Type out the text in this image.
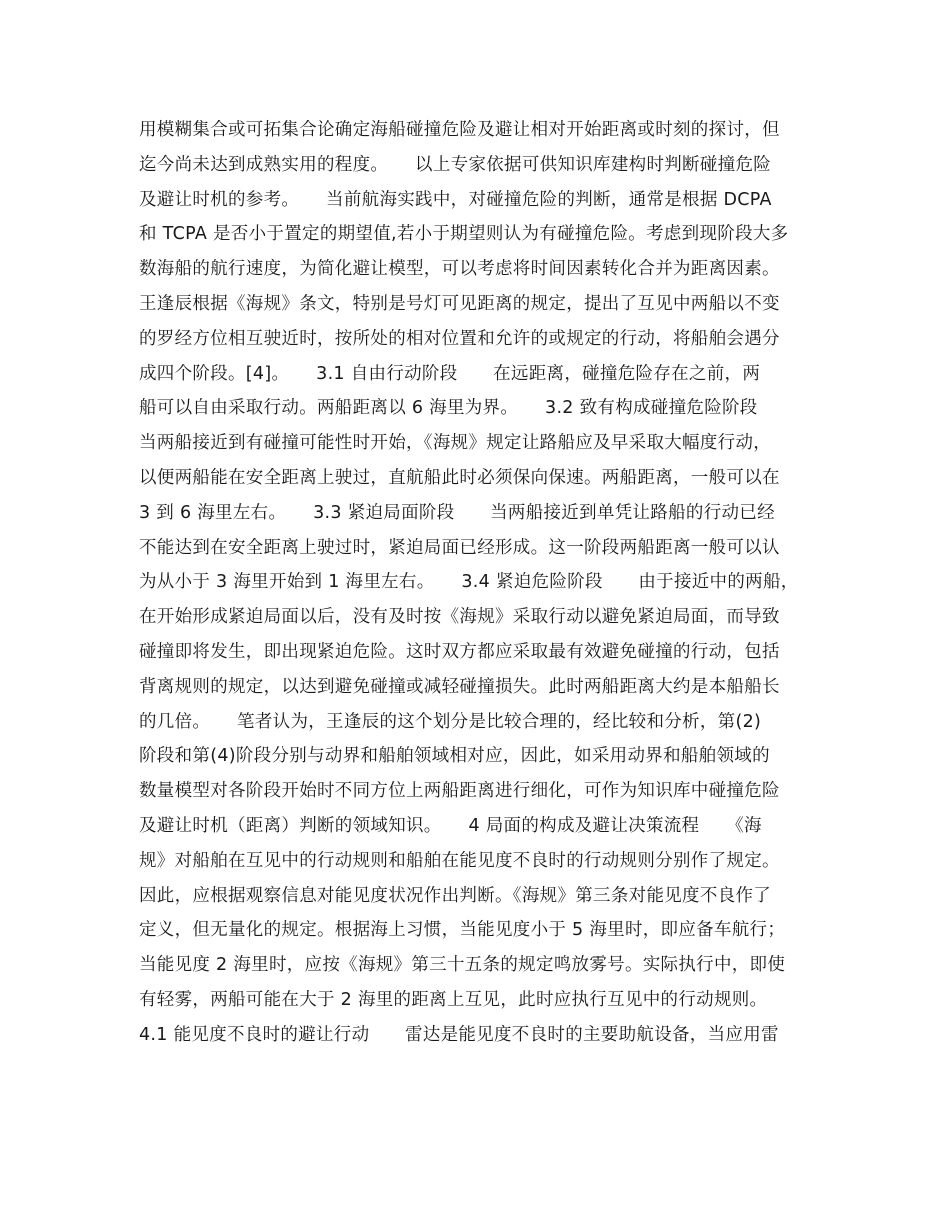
用模糊集合或可拓集合论确定海船碰撞危险及避让相对开始距离或时刻的探讨，但
迄今尚未达到成熟实用的程度。　　以上专家依据可供知识库建构时判断碰撞危险
及避让时机的参考。　　当前航海实践中，对碰撞危险的判断，通常是根据 DCPA
和 TCPA 是否小于置定的期望值,若小于期望则认为有碰撞危险。考虑到现阶段大多
数海船的航行速度，为简化避让模型，可以考虑将时间因素转化合并为距离因素。
王逢辰根据《海规》条文，特别是号灯可见距离的规定，提出了互见中两船以不变
的罗经方位相互驶近时，按所处的相对位置和允许的或规定的行动，将船舶会遇分
成四个阶段。[4]。　　3.1 自由行动阶段　　在远距离，碰撞危险存在之前，两
船可以自由采取行动。两船距离以 6 海里为界。　　3.2 致有构成碰撞危险阶段
当两船接近到有碰撞可能性时开始，《海规》规定让路船应及早采取大幅度行动，
以便两船能在安全距离上驶过，直航船此时必须保向保速。两船距离，一般可以在
3 到 6 海里左右。　　3.3 紧迫局面阶段　　当两船接近到单凭让路船的行动已经
不能达到在安全距离上驶过时，紧迫局面已经形成。这一阶段两船距离一般可以认
为从小于 3 海里开始到 1 海里左右。　　3.4 紧迫危险阶段　　由于接近中的两船，
在开始形成紧迫局面以后，没有及时按《海规》采取行动以避免紧迫局面，而导致
碰撞即将发生，即出现紧迫危险。这时双方都应采取最有效避免碰撞的行动，包括
背离规则的规定，以达到避免碰撞或减轻碰撞损失。此时两船距离大约是本船船长
的几倍。　　笔者认为，王逢辰的这个划分是比较合理的，经比较和分析，第(2)
阶段和第(4)阶段分别与动界和船舶领域相对应，因此，如采用动界和船舶领域的
数量模型对各阶段开始时不同方位上两船距离进行细化，可作为知识库中碰撞危险
及避让时机（距离）判断的领域知识。　　4 局面的构成及避让决策流程　　《海
规》对船舶在互见中的行动规则和船舶在能见度不良时的行动规则分别作了规定。
因此，应根据观察信息对能见度状况作出判断。《海规》第三条对能见度不良作了
定义，但无量化的规定。根据海上习惯，当能见度小于 5 海里时，即应备车航行；
当能见度 2 海里时，应按《海规》第三十五条的规定鸣放雾号。实际执行中，即使
有轻雾，两船可能在大于 2 海里的距离上互见，此时应执行互见中的行动规则。
4.1 能见度不良时的避让行动　　雷达是能见度不良时的主要助航设备，当应用雷
